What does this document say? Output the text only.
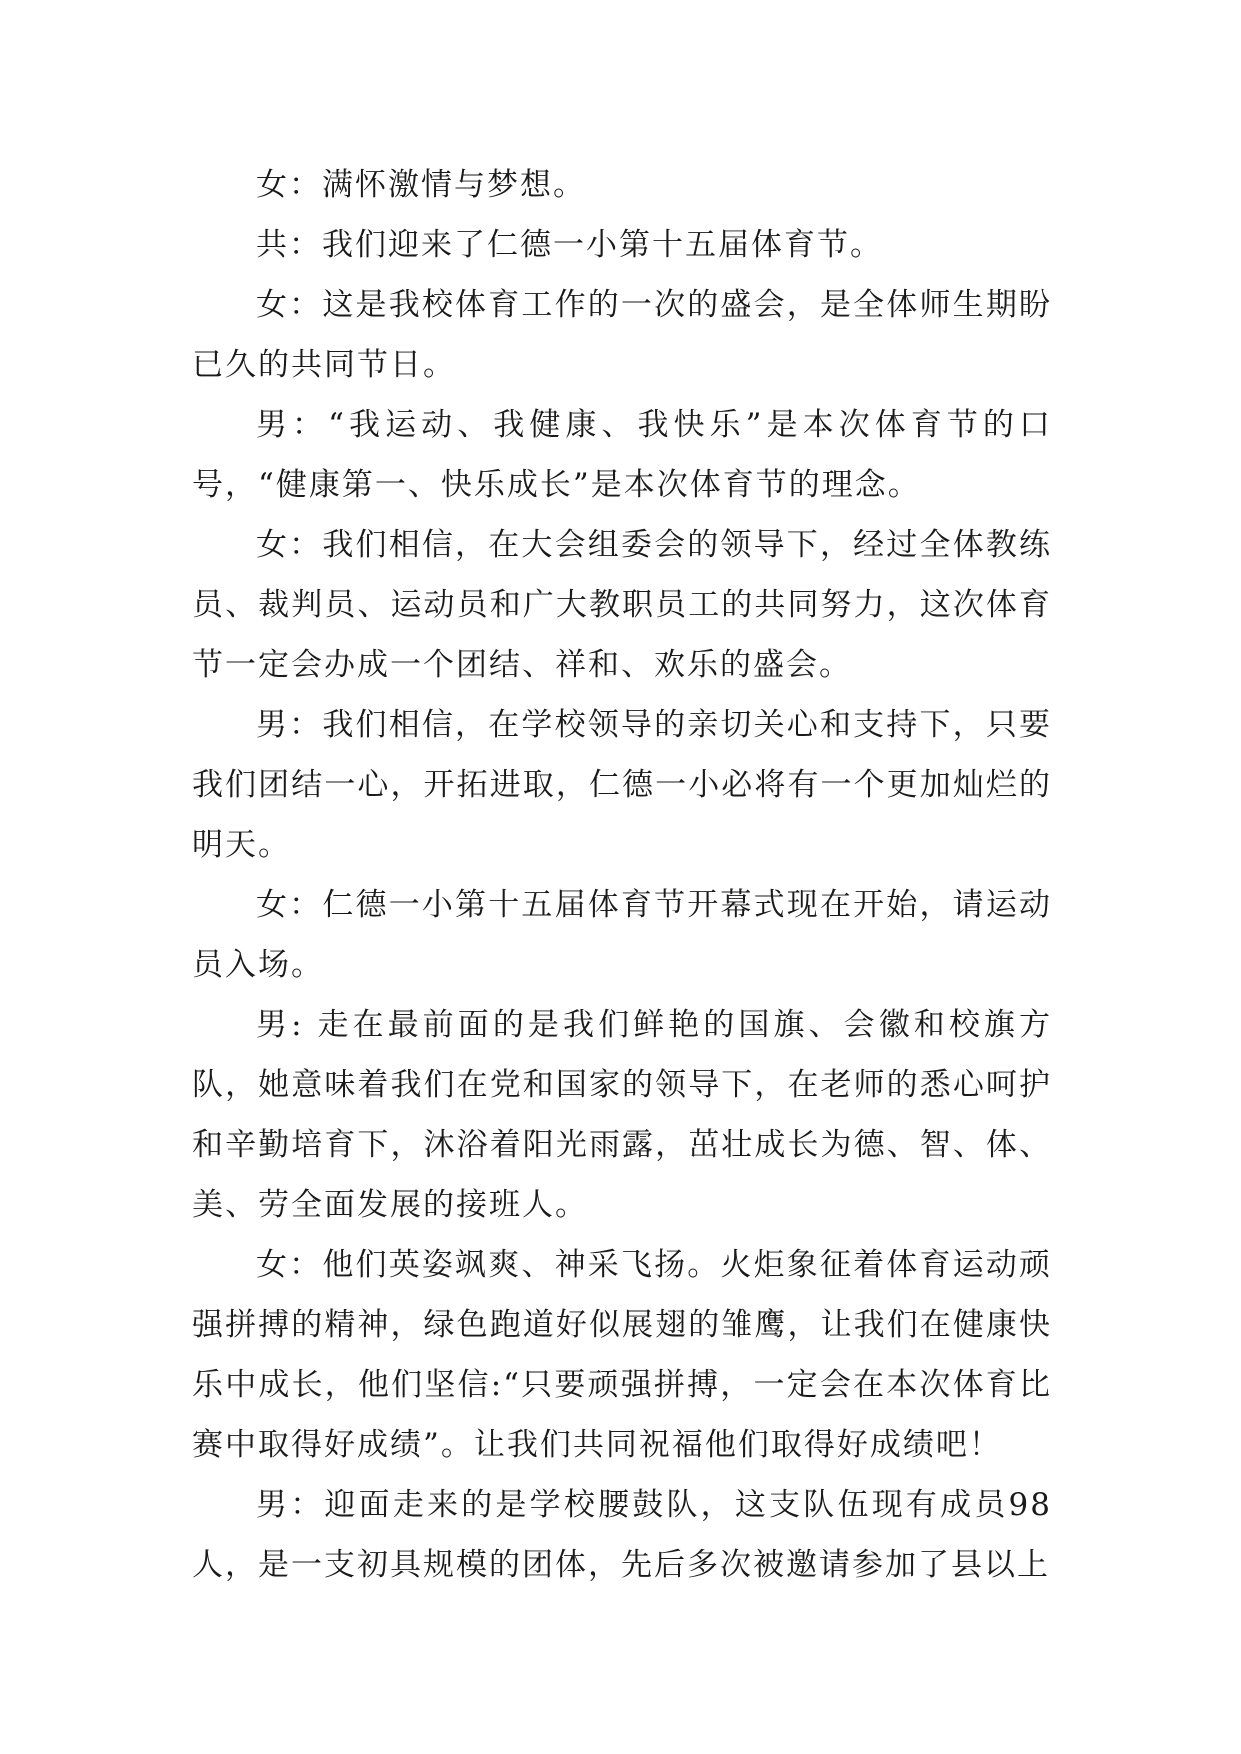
女：满怀激情与梦想。

共：我们迎来了仁德一小第十五届体育节。

女：这是我校体育工作的一次的盛会，是全体师生期盼已久的共同节日。

男：“我运动、我健康、我快乐”是本次体育节的口号，“健康第一、快乐成长”是本次体育节的理念。

女：我们相信，在大会组委会的领导下，经过全体教练员、裁判员、运动员和广大教职员工的共同努力，这次体育节一定会办成一个团结、祥和、欢乐的盛会。

男：我们相信，在学校领导的亲切关心和支持下，只要我们团结一心，开拓进取，仁德一小必将有一个更加灿烂的明天。

女：仁德一小第十五届体育节开幕式现在开始，请运动员入场。

男: 走在最前面的是我们鲜艳的国旗、会徽和校旗方队，她意味着我们在党和国家的领导下，在老师的悉心呵护和辛勤培育下，沐浴着阳光雨露，茁壮成长为德、智、体、美、劳全面发展的接班人。

女：他们英姿飒爽、神采飞扬。火炬象征着体育运动顽强拼搏的精神，绿色跑道好似展翅的雏鹰，让我们在健康快乐中成长，他们坚信:“只要顽强拼搏，一定会在本次体育比赛中取得好成绩”。让我们共同祝福他们取得好成绩吧！

男：迎面走来的是学校腰鼓队，这支队伍现有成员98人，是一支初具规模的团体，先后多次被邀请参加了县以上
